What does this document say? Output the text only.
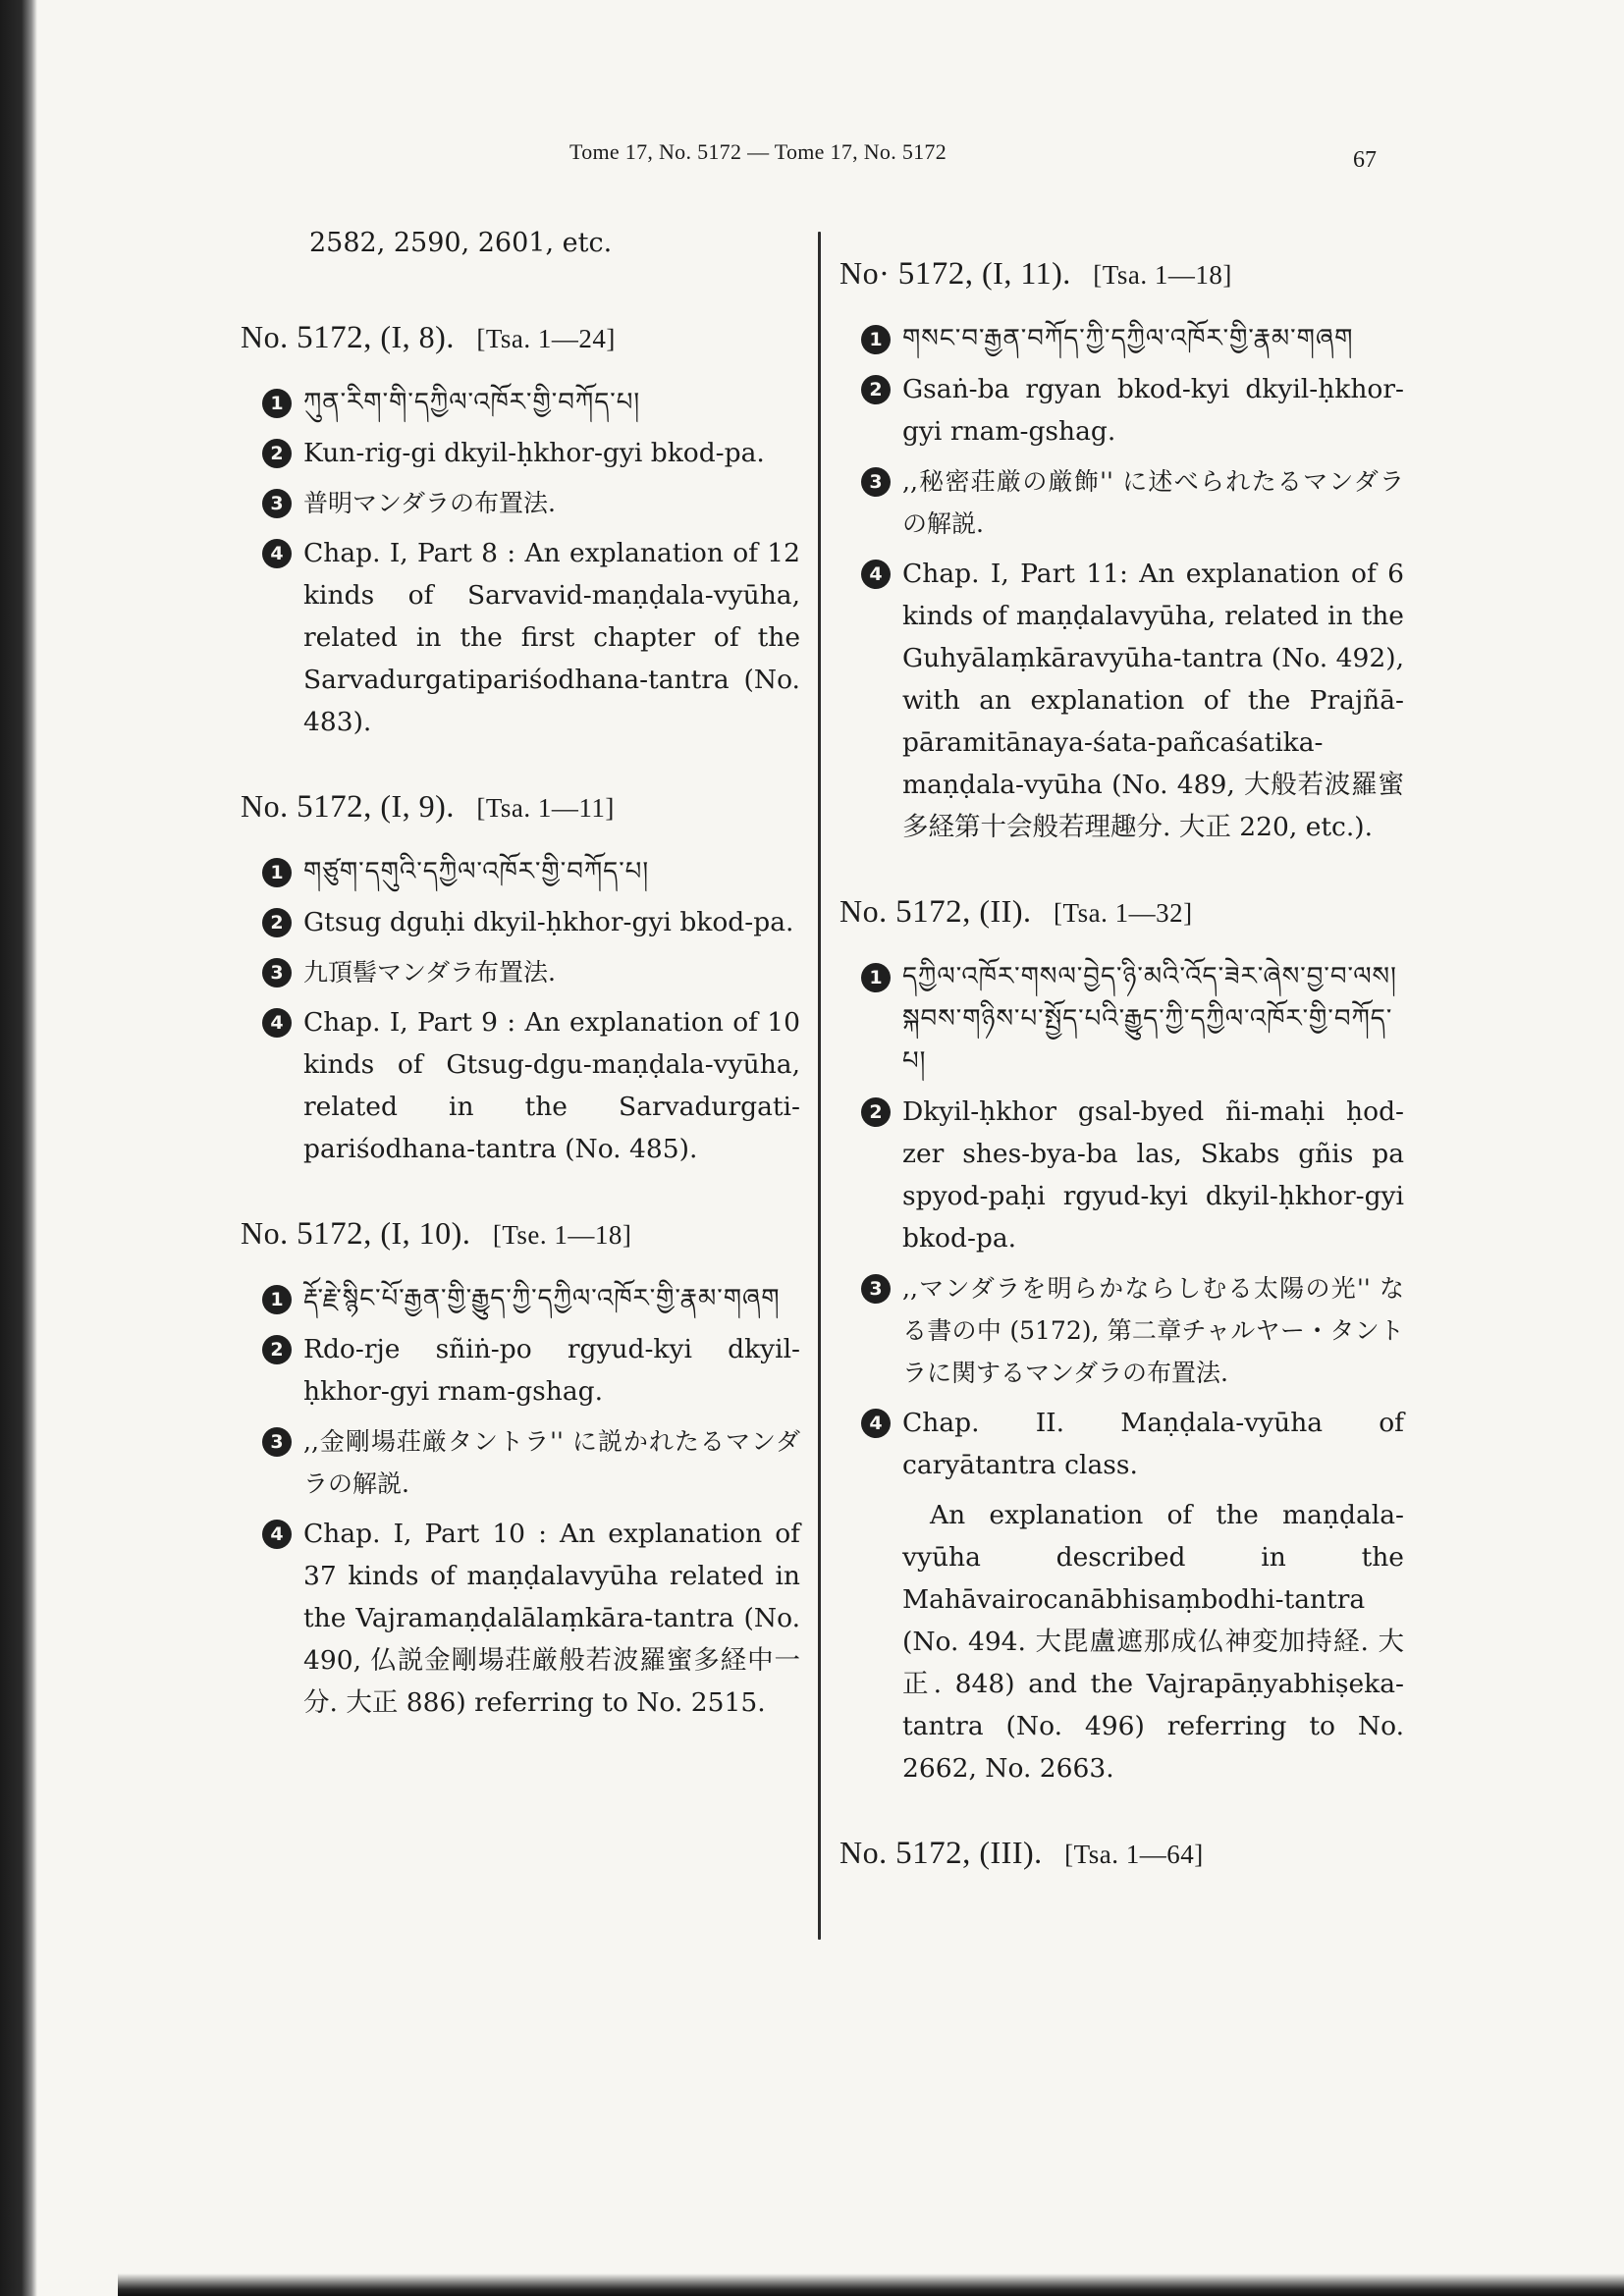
Tome 17, No. 5172 — Tome 17, No. 5172	67
2582, 2590, 2601, etc.
No. 5172, (I, 8). [Tsa. 1—24]
1 ཀུན་རིག་གི་དཀྱིལ་འཁོར་གྱི་བཀོད་པ།
2 Kun-rig-gi dkyil-ḥkhor-gyi bkod-pa.
3 普明マンダラの布置法.
4 Chap. I, Part 8 : An explanation of 12 kinds of Sarvavid-maṇḍala-vyūha, related in the first chapter of the Sarvadurgatipariśodhana-tantra (No. 483).
No. 5172, (I, 9). [Tsa. 1—11]
1 གཙུག་དགུའི་དཀྱིལ་འཁོར་གྱི་བཀོད་པ།
2 Gtsug dguḥi dkyil-ḥkhor-gyi bkod-pa.
3 九頂髻マンダラ布置法.
4 Chap. I, Part 9 : An explanation of 10 kinds of Gtsug-dgu-maṇḍala-vyūha, related in the Sarvadurgati-pariśodhana-tantra (No. 485).
No. 5172, (I, 10). [Tse. 1—18]
1 རྡོ་རྗེ་སྙིང་པོ་རྒྱན་གྱི་རྒྱུད་ཀྱི་དཀྱིལ་འཁོར་གྱི་རྣམ་གཞག
2 Rdo-rje sñiṅ-po rgyud-kyi dkyil-ḥkhor-gyi rnam-gshag.
3 ,,金剛場荘厳タントラ'' に説かれたるマンダラの解説.
4 Chap. I, Part 10 : An explanation of 37 kinds of maṇḍalavyūha related in the Vajramaṇḍalālaṃkāra-tantra (No. 490, 仏説金剛場荘厳般若波羅蜜多経中一分. 大正 886) referring to No. 2515.
No· 5172, (I, 11). [Tsa. 1—18]
1 གསང་བ་རྒྱན་བཀོད་ཀྱི་དཀྱིལ་འཁོར་གྱི་རྣམ་གཞག
2 Gsaṅ-ba rgyan bkod-kyi dkyil-ḥkhor-gyi rnam-gshag.
3 ,,秘密荘厳の厳飾'' に述べられたるマンダラの解説.
4 Chap. I, Part 11: An explanation of 6 kinds of maṇḍalavyūha, related in the Guhyālaṃkāravyūha-tantra (No. 492), with an explanation of the Prajñā-pāramitānaya-śata-pañcaśatika-maṇḍala-vyūha (No. 489, 大般若波羅蜜多経第十会般若理趣分. 大正 220, etc.).
No. 5172, (II). [Tsa. 1—32]
1 དཀྱིལ་འཁོར་གསལ་བྱེད་ཉི་མའི་འོད་ཟེར་ཞེས་བྱ་བ་ལས། སྐབས་གཉིས་པ་སྤྱོད་པའི་རྒྱུད་ཀྱི་དཀྱིལ་འཁོར་གྱི་བཀོད་པ།
2 Dkyil-ḥkhor gsal-byed ñi-maḥi ḥod-zer shes-bya-ba las, Skabs gñis pa spyod-paḥi rgyud-kyi dkyil-ḥkhor-gyi bkod-pa.
3 ,,マンダラを明らかならしむる太陽の光'' なる書の中 (5172), 第二章チャルヤー・タントラに関するマンダラの布置法.
4 Chap. II. Maṇḍala-vyūha of caryātantra class.
An explanation of the maṇḍala-vyūha described in the Mahāvairocanābhisaṃbodhi-tantra (No. 494. 大毘盧遮那成仏神変加持経. 大正. 848) and the Vajrapāṇyabhiṣeka-tantra (No. 496) referring to No. 2662, No. 2663.
No. 5172, (III). [Tsa. 1—64]
